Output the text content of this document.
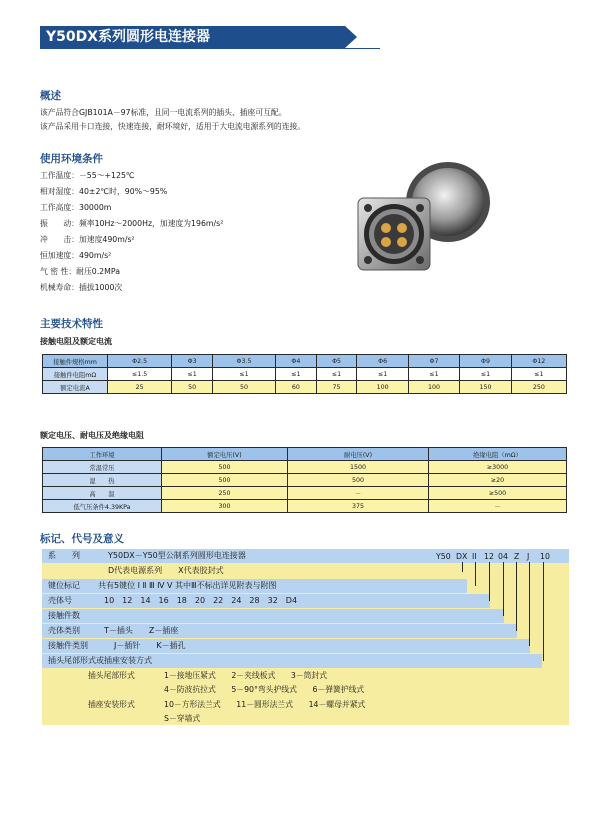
Y50DX系列圆形电连接器
概述
该产品符合GJB101A－97标准，且同一电流系列的插头、插座可互配。
该产品采用卡口连接，快速连接，耐环境好，适用于大电流电源系列的连接。
使用环境条件
工作温度：－55～+125℃
相对湿度：40±2℃时，90%～95%
工作高度：30000m
振　　动：频率10Hz～2000Hz，加速度为196m/s²
冲　　击：加速度490m/s²
恒加速度：490m/s²
气 密 性：耐压0.2MPa
机械寿命：插拔1000次
主要技术特性
接触电阻及额定电流
接触件规格mm	Φ2.5	Φ3	Φ3.5	Φ4	Φ5	Φ6	Φ7	Φ9	Φ12
接触件电阻mΩ	≤1.5	≤1	≤1	≤1	≤1	≤1	≤1	≤1	≤1
额定电流A	25	50	50	60	75	100	100	150	250
额定电压、耐电压及绝缘电阻
工作环境	额定电压(V)	耐电压(V)	绝缘电阻（mΩ）
常温常压	500	1500	≥3000
湿　　热	500	500	≥20
高　　温	250	－	≥500
低气压条件4.39KPa	300	375	－
标记、代号及意义
系　　列	Y50DX－Y50型公制系列圆形电连接器
D代表电源系列　　X代表胶封式
键位标记 共有5键位 Ⅰ Ⅱ Ⅲ Ⅳ Ⅴ 其中Ⅲ不标出详见附表与附图
壳体号	10　12　14　16　18　20　22　24　28　32　D4
接触件数
壳体类别	T－插头　　Z－插座
接触件类别	J－插针　　K－插孔
插头尾部形式或插座安装方式
插头尾部形式	1－接地压紧式　　2－夹线板式　　3－筒封式
4－防波抗拉式　　5－90°弯头护线式　　6－弹簧护线式
插座安装形式	10－方形法兰式　　11－圆形法兰式　　14－螺母并紧式
S－穿墙式
Y50 DX II 12 04 Z J 10
